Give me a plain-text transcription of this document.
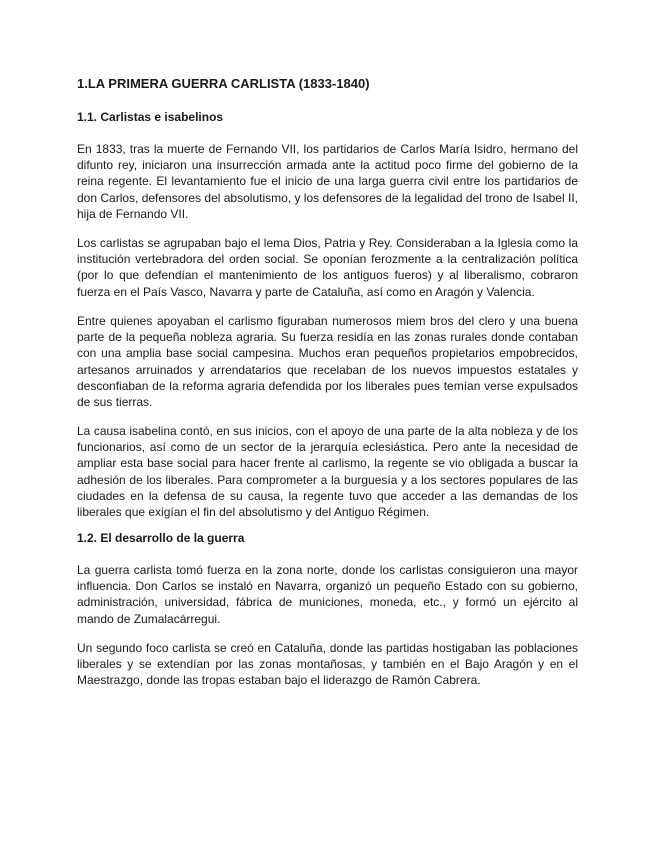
1.LA PRIMERA GUERRA CARLISTA (1833-1840)
1.1. Carlistas e isabelinos

En 1833, tras la muerte de Fernando VII, los partidarios de Carlos María Isidro, hermano del difunto rey, iniciaron una insurrección armada ante la actitud poco firme del gobierno de la reina regente. El levantamiento fue el inicio de una larga guerra civil entre los partidarios de don Carlos, defensores del absolutismo, y los defensores de la legalidad del trono de Isabel II, hija de Fernando VII.

Los carlistas se agrupaban bajo el lema Dios, Patria y Rey. Consideraban a la Iglesia como la institución vertebradora del orden social. Se oponían ferozmente a la centralización política (por lo que defendían el mantenimiento de los antiguos fueros) y al liberalismo, cobraron fuerza en el País Vasco, Navarra y parte de Cataluña, así como en Aragón y Valencia.

Entre quienes apoyaban el carlismo figuraban numerosos miem bros del clero y una buena parte de la pequeña nobleza agraria. Su fuerza residía en las zonas rurales donde contaban con una amplia base social campesina. Muchos eran pequeños propietarios empobrecidos, artesanos arruinados y arrendatarios que recelaban de los nuevos impuestos estatales y desconfiaban de la reforma agraria defendida por los liberales pues temían verse expulsados de sus tierras.

La causa isabelina contó, en sus inicios, con el apoyo de una parte de la alta nobleza y de los funcionarios, así como de un sector de la jerarquía eclesiástica. Pero ante la necesidad de ampliar esta base social para hacer frente al carlismo, la regente se vio obligada a buscar la adhesión de los liberales. Para comprometer a la burguesía y a los sectores populares de las ciudades en la defensa de su causa, la regente tuvo que acceder a las demandas de los liberales que exigían el fin del absolutismo y del Antiguo Régimen.

1.2. El desarrollo de la guerra

La guerra carlista tomó fuerza en la zona norte, donde los carlistas consiguieron una mayor influencia. Don Carlos se instaló en Navarra, organizó un pequeño Estado con su gobierno, administración, universidad, fábrica de municiones, moneda, etc., y formó un ejército al mando de Zumalacárregui.

Un segundo foco carlista se creó en Cataluña, donde las partidas hostigaban las poblaciones liberales y se extendían por las zonas montañosas, y también en el Bajo Aragón y en el Maestrazgo, donde las tropas estaban bajo el liderazgo de Ramón Cabrera.
